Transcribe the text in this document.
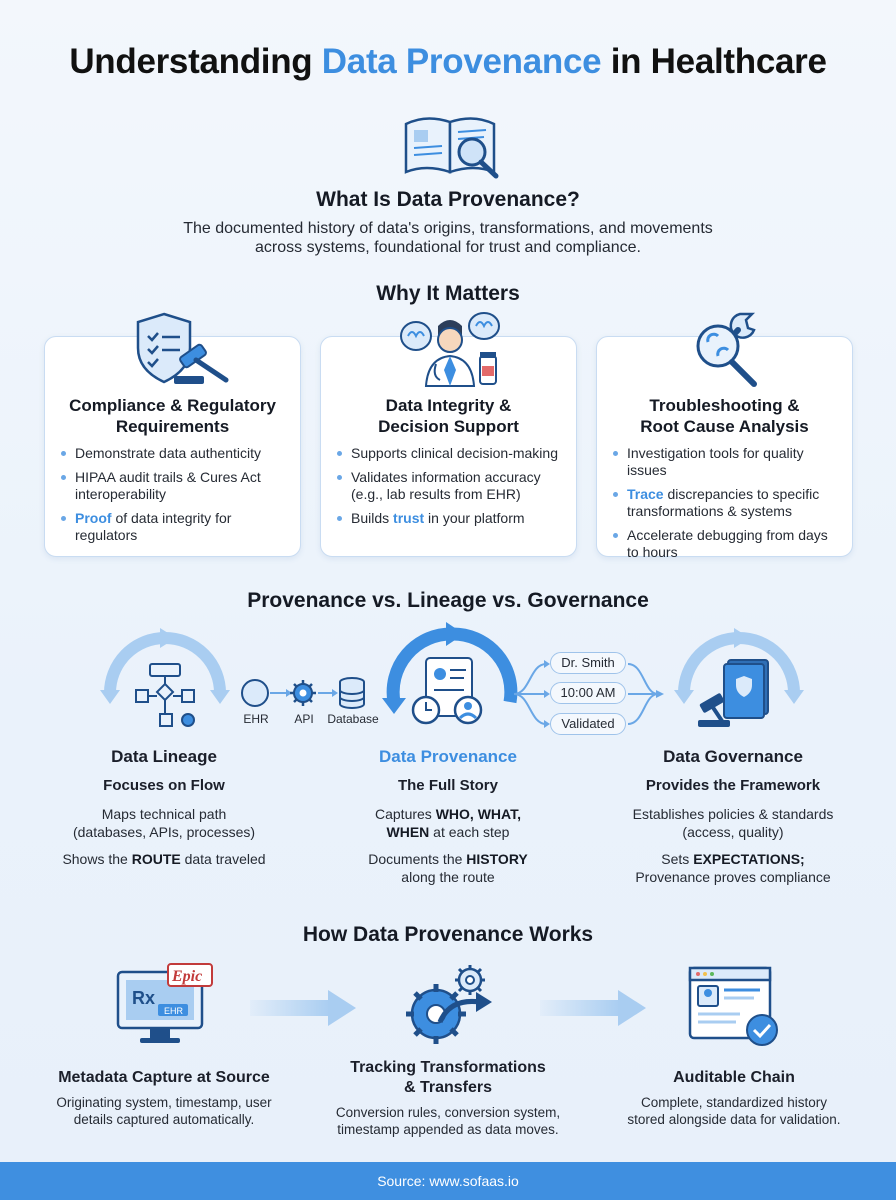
Understanding Data Provenance in Healthcare
What Is Data Provenance?
The documented history of data's origins, transformations, and movements
across systems, foundational for trust and compliance.
Why It Matters
Compliance & Regulatory
Requirements
Demonstrate data authenticity
HIPAA audit trails & Cures Act interoperability
Proof of data integrity for regulators
Data Integrity &
Decision Support
Supports clinical decision-making
Validates information accuracy (e.g., lab results from EHR)
Builds trust in your platform
Troubleshooting &
Root Cause Analysis
Investigation tools for quality issues
Trace discrepancies to specific transformations & systems
Accelerate debugging from days to hours
Provenance vs. Lineage vs. Governance
EHR	API	Database
Dr. Smith
10:00 AM
Validated
Data Lineage
Focuses on Flow
Maps technical path
(databases, APIs, processes)
Shows the ROUTE data traveled
Data Provenance
The Full Story
Captures WHO, WHAT,
WHEN at each step
Documents the HISTORY
along the route
Data Governance
Provides the Framework
Establishes policies & standards
(access, quality)
Sets EXPECTATIONS;
Provenance proves compliance
How Data Provenance Works
Rx
EHR
Epic
Metadata Capture at Source
Originating system, timestamp, user
details captured automatically.
Tracking Transformations
& Transfers
Conversion rules, conversion system,
timestamp appended as data moves.
Auditable Chain
Complete, standardized history
stored alongside data for validation.
Source: www.sofaas.io
